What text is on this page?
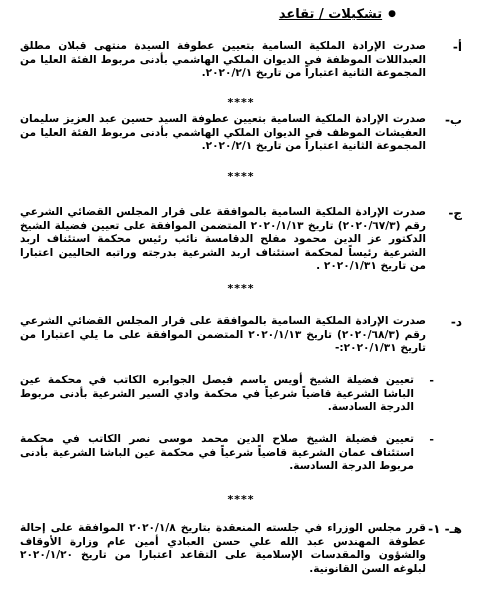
●
تشكيلات / تقاعد
أ-
صدرت الإرادة الملكية السامية بتعيين عطوفة السيدة منتهى قبلان مطلق العبداللات الموظفة في الديوان الملكي الهاشمي بأدنى مربوط الفئة العليا من المجموعة الثانية اعتباراً من تاريخ ٢٠٢٠/٢/١.
****
ب-
صدرت الإرادة الملكية السامية بتعيين عطوفة السيد حسين عبد العزيز سليمان العفيشات الموظف في الديوان الملكي الهاشمي بأدنى مربوط الفئة العليا من المجموعة الثانية اعتباراً من تاريخ ٢٠٢٠/٢/١.
****
ج-
صدرت الإرادة الملكية السامية بالموافقة على قرار المجلس القضائي الشرعي رقم (٢٠٢٠/٦٧/٣) تاريخ ٢٠٢٠/١/١٣ المتضمن الموافقة على تعيين فضيلة الشيخ الدكتور عز الدين محمود مفلح الدقامسة نائب رئيس محكمة استئناف اربد الشرعية رئيساً لمحكمة استئناف اربد الشرعية بدرجته وراتبه الحاليين اعتبارا من تاريخ ٢٠٢٠/١/٣١ .
****
د-
صدرت الإرادة الملكية السامية بالموافقة على قرار المجلس القضائي الشرعي رقم (٢٠٢٠/٦٨/٣) تاريخ ٢٠٢٠/١/١٣ المتضمن الموافقة على ما يلي اعتبارا من تاريخ ٢٠٢٠/١/٣١:-
-
تعيين فضيلة الشيخ أويس باسم فيصل الجوابره الكاتب في محكمة عين الباشا الشرعية قاضياً شرعياً في محكمة وادي السير الشرعية بأدنى مربوط الدرجة السادسة.
-
تعيين فضيلة الشيخ صلاح الدين محمد موسى نصر الكاتب في محكمة استئناف عمان الشرعية قاضياً شرعياً في محكمة عين الباشا الشرعية بأدنى مربوط الدرجة السادسة.
****
هـ- ١-
قرر مجلس الوزراء في جلسته المنعقدة بتاريخ ٢٠٢٠/١/٨ الموافقة على إحالة عطوفة المهندس عبد الله علي حسن العبادي أمين عام وزارة الأوقاف والشؤون والمقدسات الإسلامية على التقاعد اعتبارا من تاريخ ٢٠٢٠/١/٢٠ لبلوغه السن القانونية.
